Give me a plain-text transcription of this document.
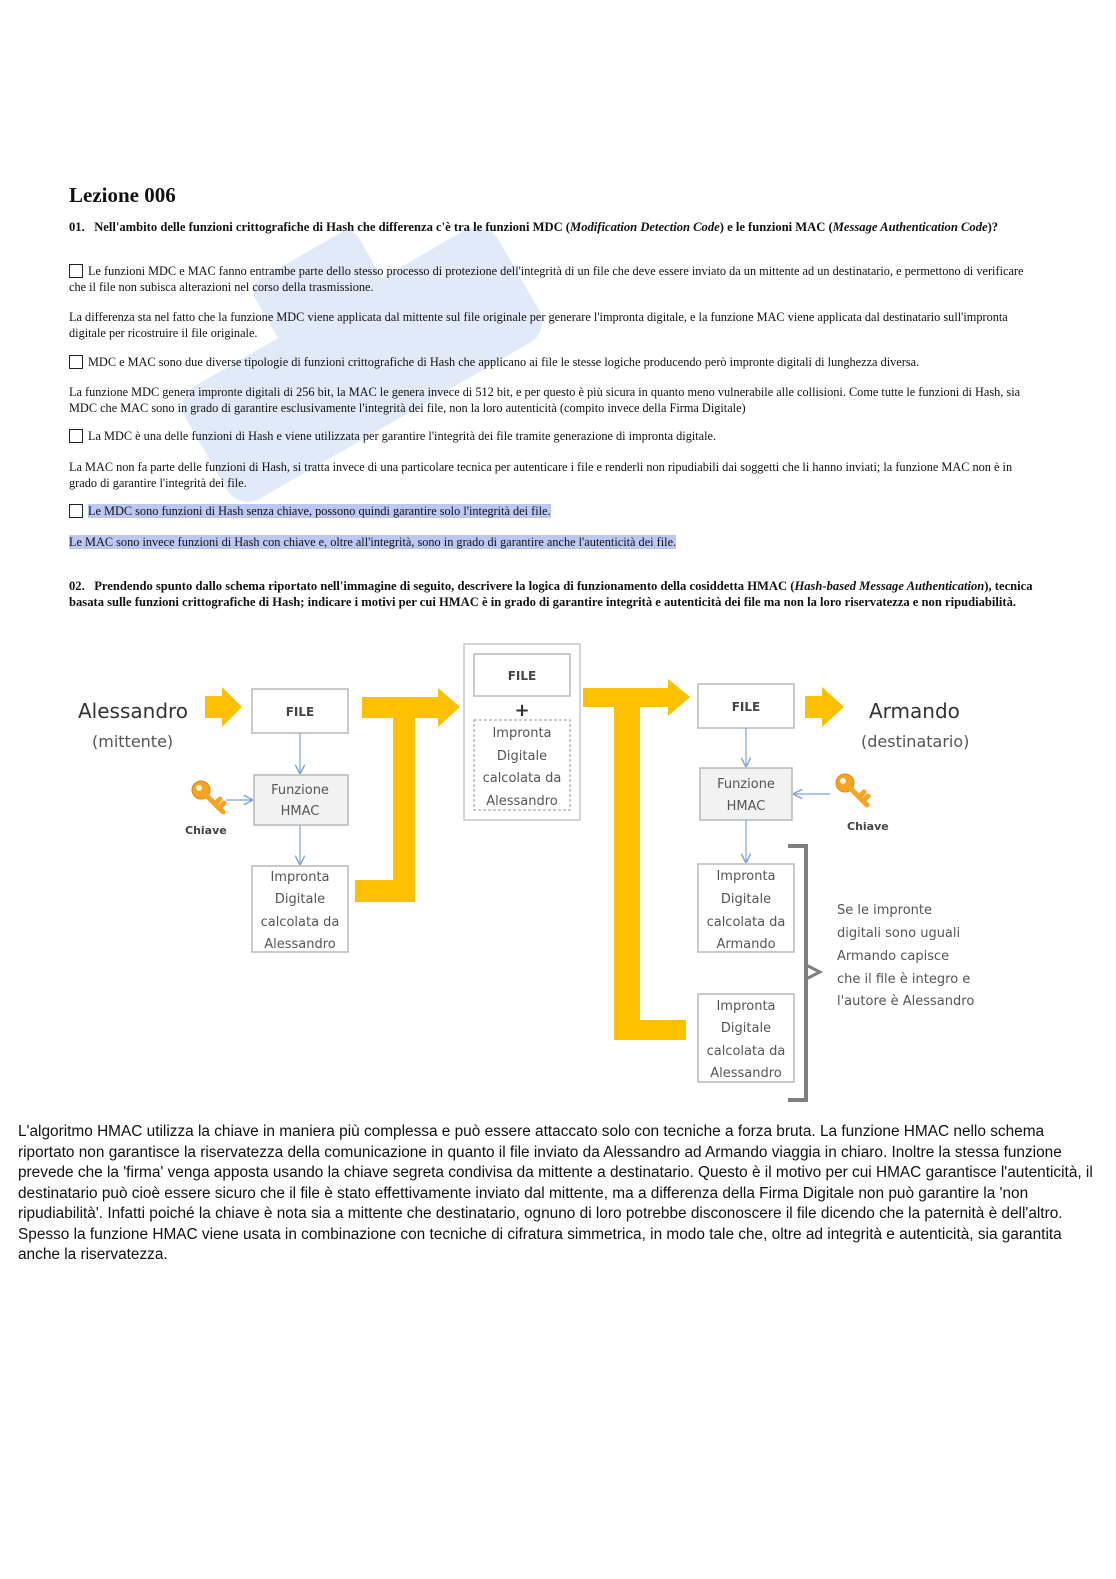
Lezione 006
01. Nell'ambito delle funzioni crittografiche di Hash che differenza c'è tra le funzioni MDC (Modification Detection Code) e le funzioni MAC (Message Authentication Code)?
Le funzioni MDC e MAC fanno entrambe parte dello stesso processo di protezione dell'integrità di un file che deve essere inviato da un mittente ad un destinatario, e permettono di verificare che il file non subisca alterazioni nel corso della trasmissione.
La differenza sta nel fatto che la funzione MDC viene applicata dal mittente sul file originale per generare l'impronta digitale, e la funzione MAC viene applicata dal destinatario sull'impronta digitale per ricostruire il file originale.
MDC e MAC sono due diverse tipologie di funzioni crittografiche di Hash che applicano ai file le stesse logiche producendo però impronte digitali di lunghezza diversa.
La funzione MDC genera impronte digitali di 256 bit, la MAC le genera invece di 512 bit, e per questo è più sicura in quanto meno vulnerabile alle collisioni. Come tutte le funzioni di Hash, sia MDC che MAC sono in grado di garantire esclusivamente l'integrità dei file, non la loro autenticità (compito invece della Firma Digitale)
La MDC è una delle funzioni di Hash e viene utilizzata per garantire l'integrità dei file tramite generazione di impronta digitale.
La MAC non fa parte delle funzioni di Hash, si tratta invece di una particolare tecnica per autenticare i file e renderli non ripudiabili dai soggetti che li hanno inviati; la funzione MAC non è in grado di garantire l'integrità dei file.
Le MDC sono funzioni di Hash senza chiave, possono quindi garantire solo l'integrità dei file.
Le MAC sono invece funzioni di Hash con chiave e, oltre all'integrità, sono in grado di garantire anche l'autenticità dei file.
02. Prendendo spunto dallo schema riportato nell'immagine di seguito, descrivere la logica di funzionamento della cosiddetta HMAC (Hash-based Message Authentication), tecnica basata sulle funzioni crittografiche di Hash; indicare i motivi per cui HMAC è in grado di garantire integrità e autenticità dei file ma non la loro riservatezza e non ripudiabilità.
Alessandro
(mittente)
Armando
(destinatario)
FILE
FILE
FILE
+
Funzione
HMAC
Funzione
HMAC
Impronta
Digitale
calcolata da
Alessandro
Impronta
Digitale
calcolata da
Alessandro
Impronta
Digitale
calcolata da
Armando
Impronta
Digitale
calcolata da
Alessandro
Chiave	Chiave
Se le impronte
digitali sono uguali
Armando capisce
che il file è integro e
l'autore è Alessandro
L'algoritmo HMAC utilizza la chiave in maniera più complessa e può essere attaccato solo con tecniche a forza bruta. La funzione HMAC nello schema riportato non garantisce la riservatezza della comunicazione in quanto il file inviato da Alessandro ad Armando viaggia in chiaro. Inoltre la stessa funzione prevede che la 'firma' venga apposta usando la chiave segreta condivisa da mittente a destinatario. Questo è il motivo per cui HMAC garantisce l'autenticità, il destinatario può cioè essere sicuro che il file è stato effettivamente inviato dal mittente, ma a differenza della Firma Digitale non può garantire la 'non ripudiabilità'. Infatti poiché la chiave è nota sia a mittente che destinatario, ognuno di loro potrebbe disconoscere il file dicendo che la paternità è dell'altro. Spesso la funzione HMAC viene usata in combinazione con tecniche di cifratura simmetrica, in modo tale che, oltre ad integrità e autenticità, sia garantita anche la riservatezza.
